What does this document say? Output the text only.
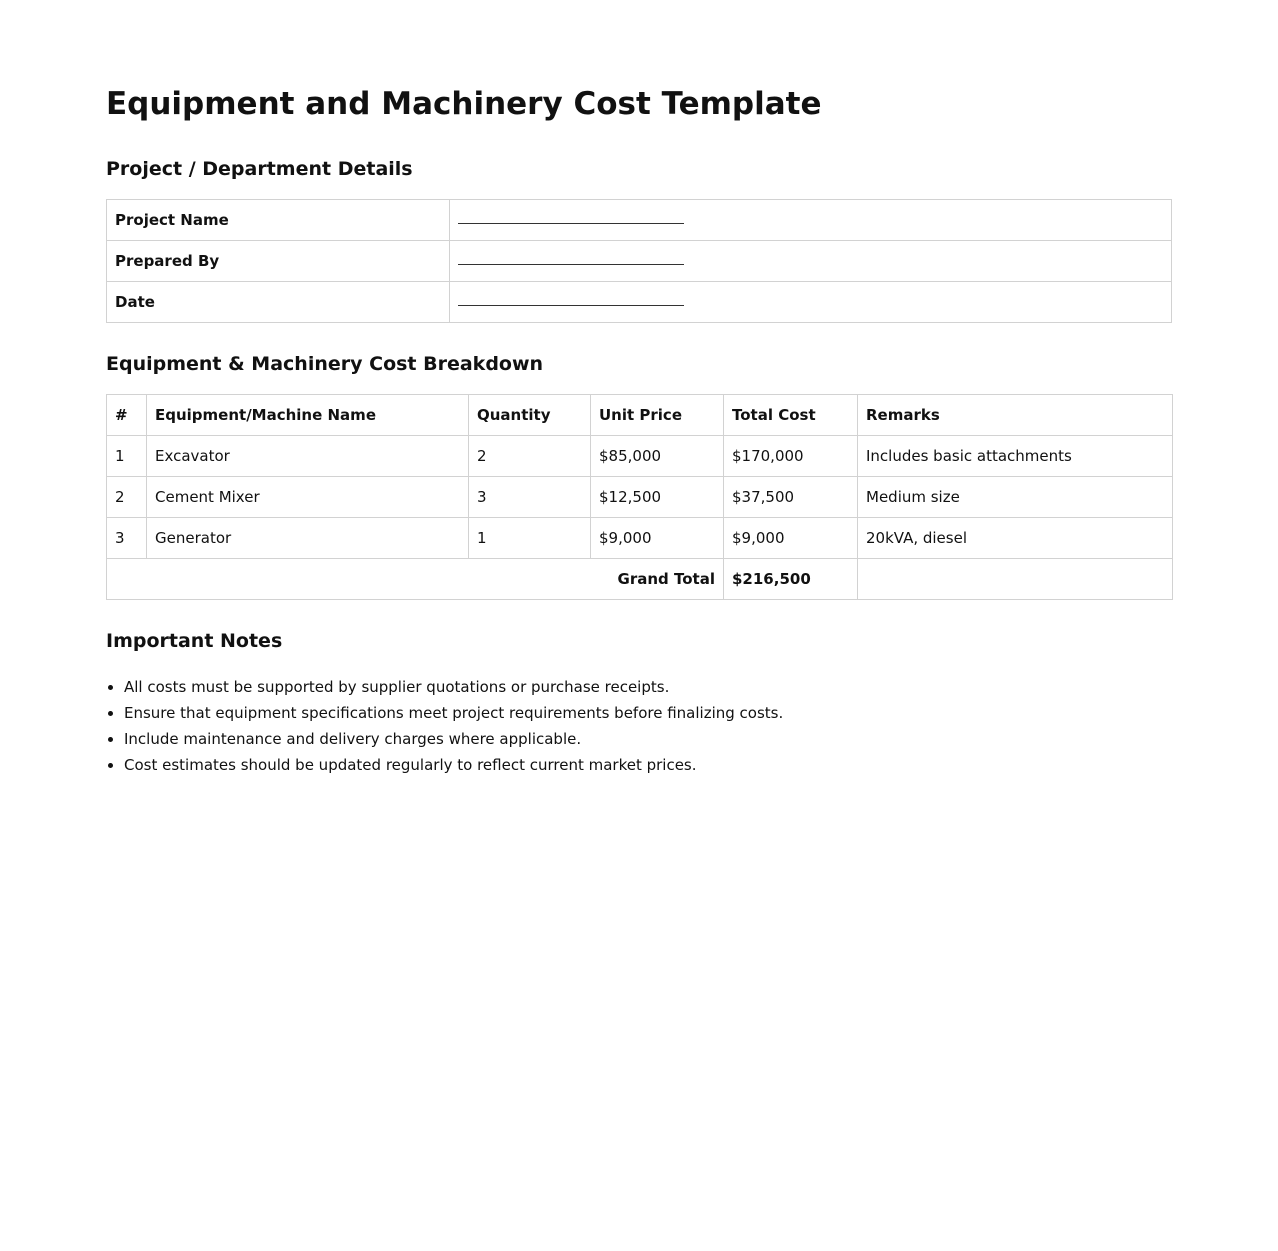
Equipment and Machinery Cost Template
Project / Department Details
Project Name	
Prepared By	
Date	
Equipment & Machinery Cost Breakdown
#	Equipment/Machine Name	Quantity	Unit Price	Total Cost	Remarks
1	Excavator	2	$85,000	$170,000	Includes basic attachments
2	Cement Mixer	3	$12,500	$37,500	Medium size
3	Generator	1	$9,000	$9,000	20kVA, diesel
Grand Total				$216,500	
Important Notes
• All costs must be supported by supplier quotations or purchase receipts.
• Ensure that equipment specifications meet project requirements before finalizing costs.
• Include maintenance and delivery charges where applicable.
• Cost estimates should be updated regularly to reflect current market prices.
